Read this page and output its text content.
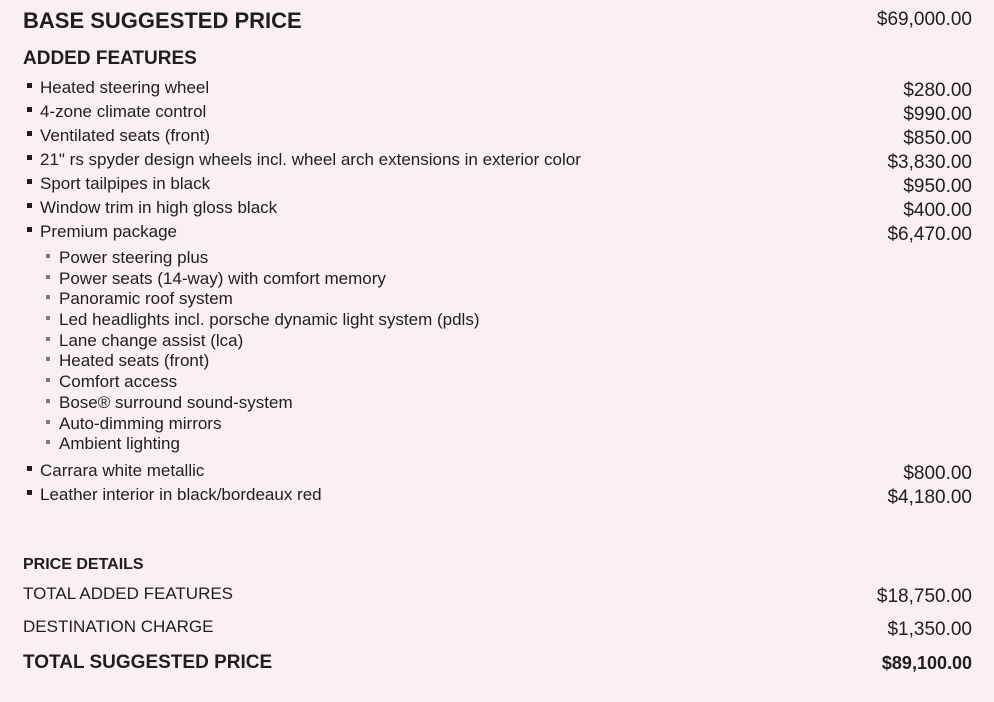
BASE SUGGESTED PRICE	$69,000.00
ADDED FEATURES
Heated steering wheel	$280.00
4-zone climate control	$990.00
Ventilated seats (front)	$850.00
21" rs spyder design wheels incl. wheel arch extensions in exterior color	$3,830.00
Sport tailpipes in black	$950.00
Window trim in high gloss black	$400.00
Premium package	$6,470.00
Power steering plus
Power seats (14-way) with comfort memory
Panoramic roof system
Led headlights incl. porsche dynamic light system (pdls)
Lane change assist (lca)
Heated seats (front)
Comfort access
Bose® surround sound-system
Auto-dimming mirrors
Ambient lighting
Carrara white metallic	$800.00
Leather interior in black/bordeaux red	$4,180.00
PRICE DETAILS
TOTAL ADDED FEATURES	$18,750.00
DESTINATION CHARGE	$1,350.00
TOTAL SUGGESTED PRICE	$89,100.00
